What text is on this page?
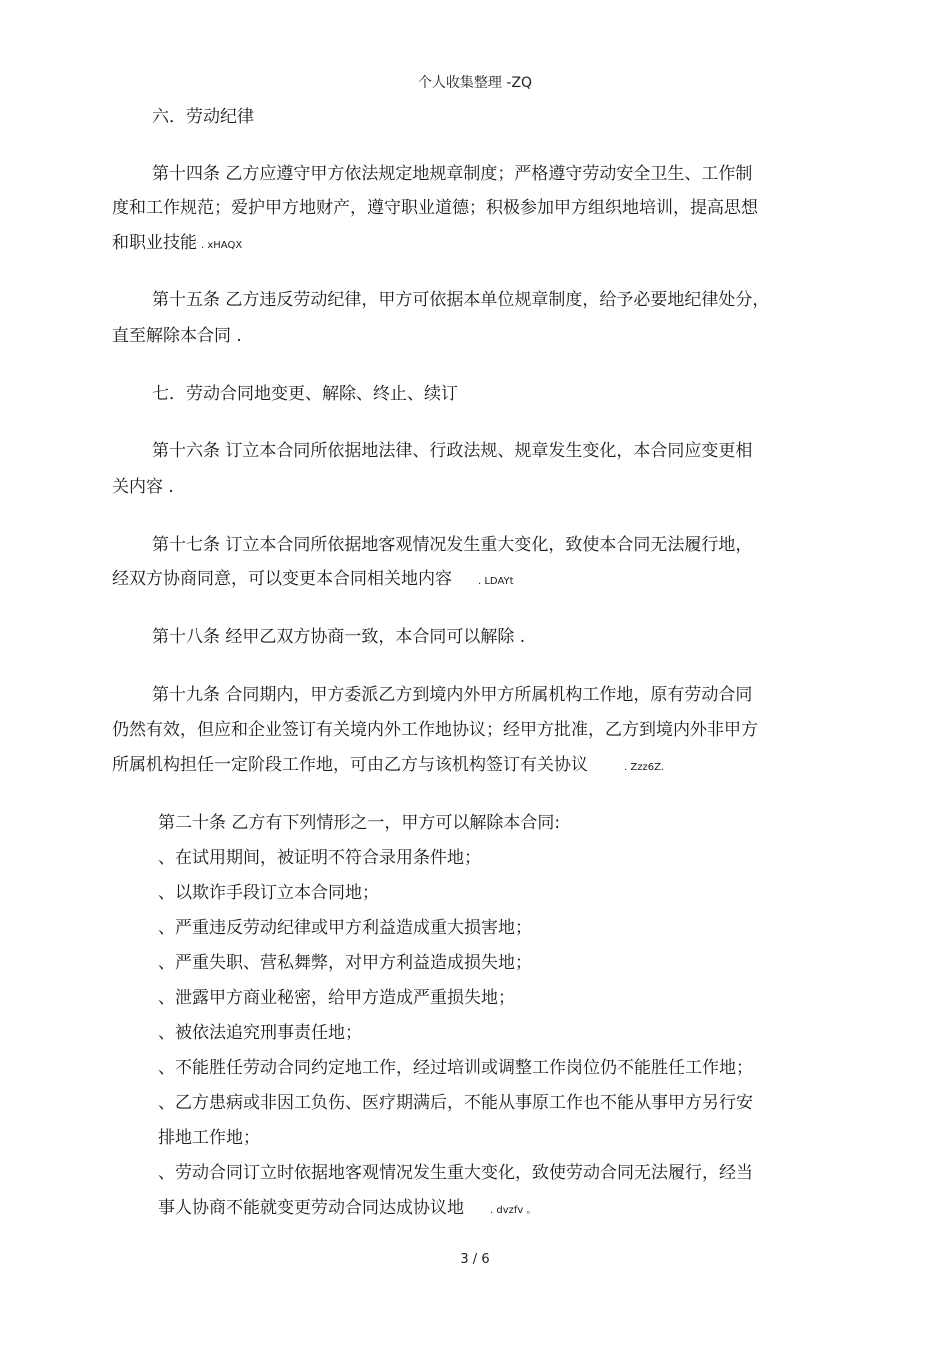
个人收集整理 -ZQ
六．劳动纪律
第十四条 乙方应遵守甲方依法规定地规章制度；严格遵守劳动安全卫生、工作制
度和工作规范；爱护甲方地财产，遵守职业道德；积极参加甲方组织地培训，提高思想
和职业技能 . xHAQX
第十五条 乙方违反劳动纪律，甲方可依据本单位规章制度，给予必要地纪律处分，
直至解除本合同 .
七．劳动合同地变更、解除、终止、续订
第十六条 订立本合同所依据地法律、行政法规、规章发生变化，本合同应变更相
关内容 .
第十七条 订立本合同所依据地客观情况发生重大变化，致使本合同无法履行地，
经双方协商同意，可以变更本合同相关地内容	. LDAYt
第十八条 经甲乙双方协商一致，本合同可以解除 .
第十九条 合同期内，甲方委派乙方到境内外甲方所属机构工作地，原有劳动合同
仍然有效，但应和企业签订有关境内外工作地协议；经甲方批准，乙方到境内外非甲方
所属机构担任一定阶段工作地，可由乙方与该机构签订有关协议	. Zzz6Z.
第二十条 乙方有下列情形之一，甲方可以解除本合同:
、在试用期间，被证明不符合录用条件地；
、以欺诈手段订立本合同地；
、严重违反劳动纪律或甲方利益造成重大损害地；
、严重失职、营私舞弊，对甲方利益造成损失地；
、泄露甲方商业秘密，给甲方造成严重损失地；
、被依法追究刑事责任地；
、不能胜任劳动合同约定地工作，经过培训或调整工作岗位仍不能胜任工作地；
、乙方患病或非因工负伤、医疗期满后，不能从事原工作也不能从事甲方另行安
排地工作地；
、劳动合同订立时依据地客观情况发生重大变化，致使劳动合同无法履行，经当
事人协商不能就变更劳动合同达成协议地	. dvzfv 。
3 / 6
